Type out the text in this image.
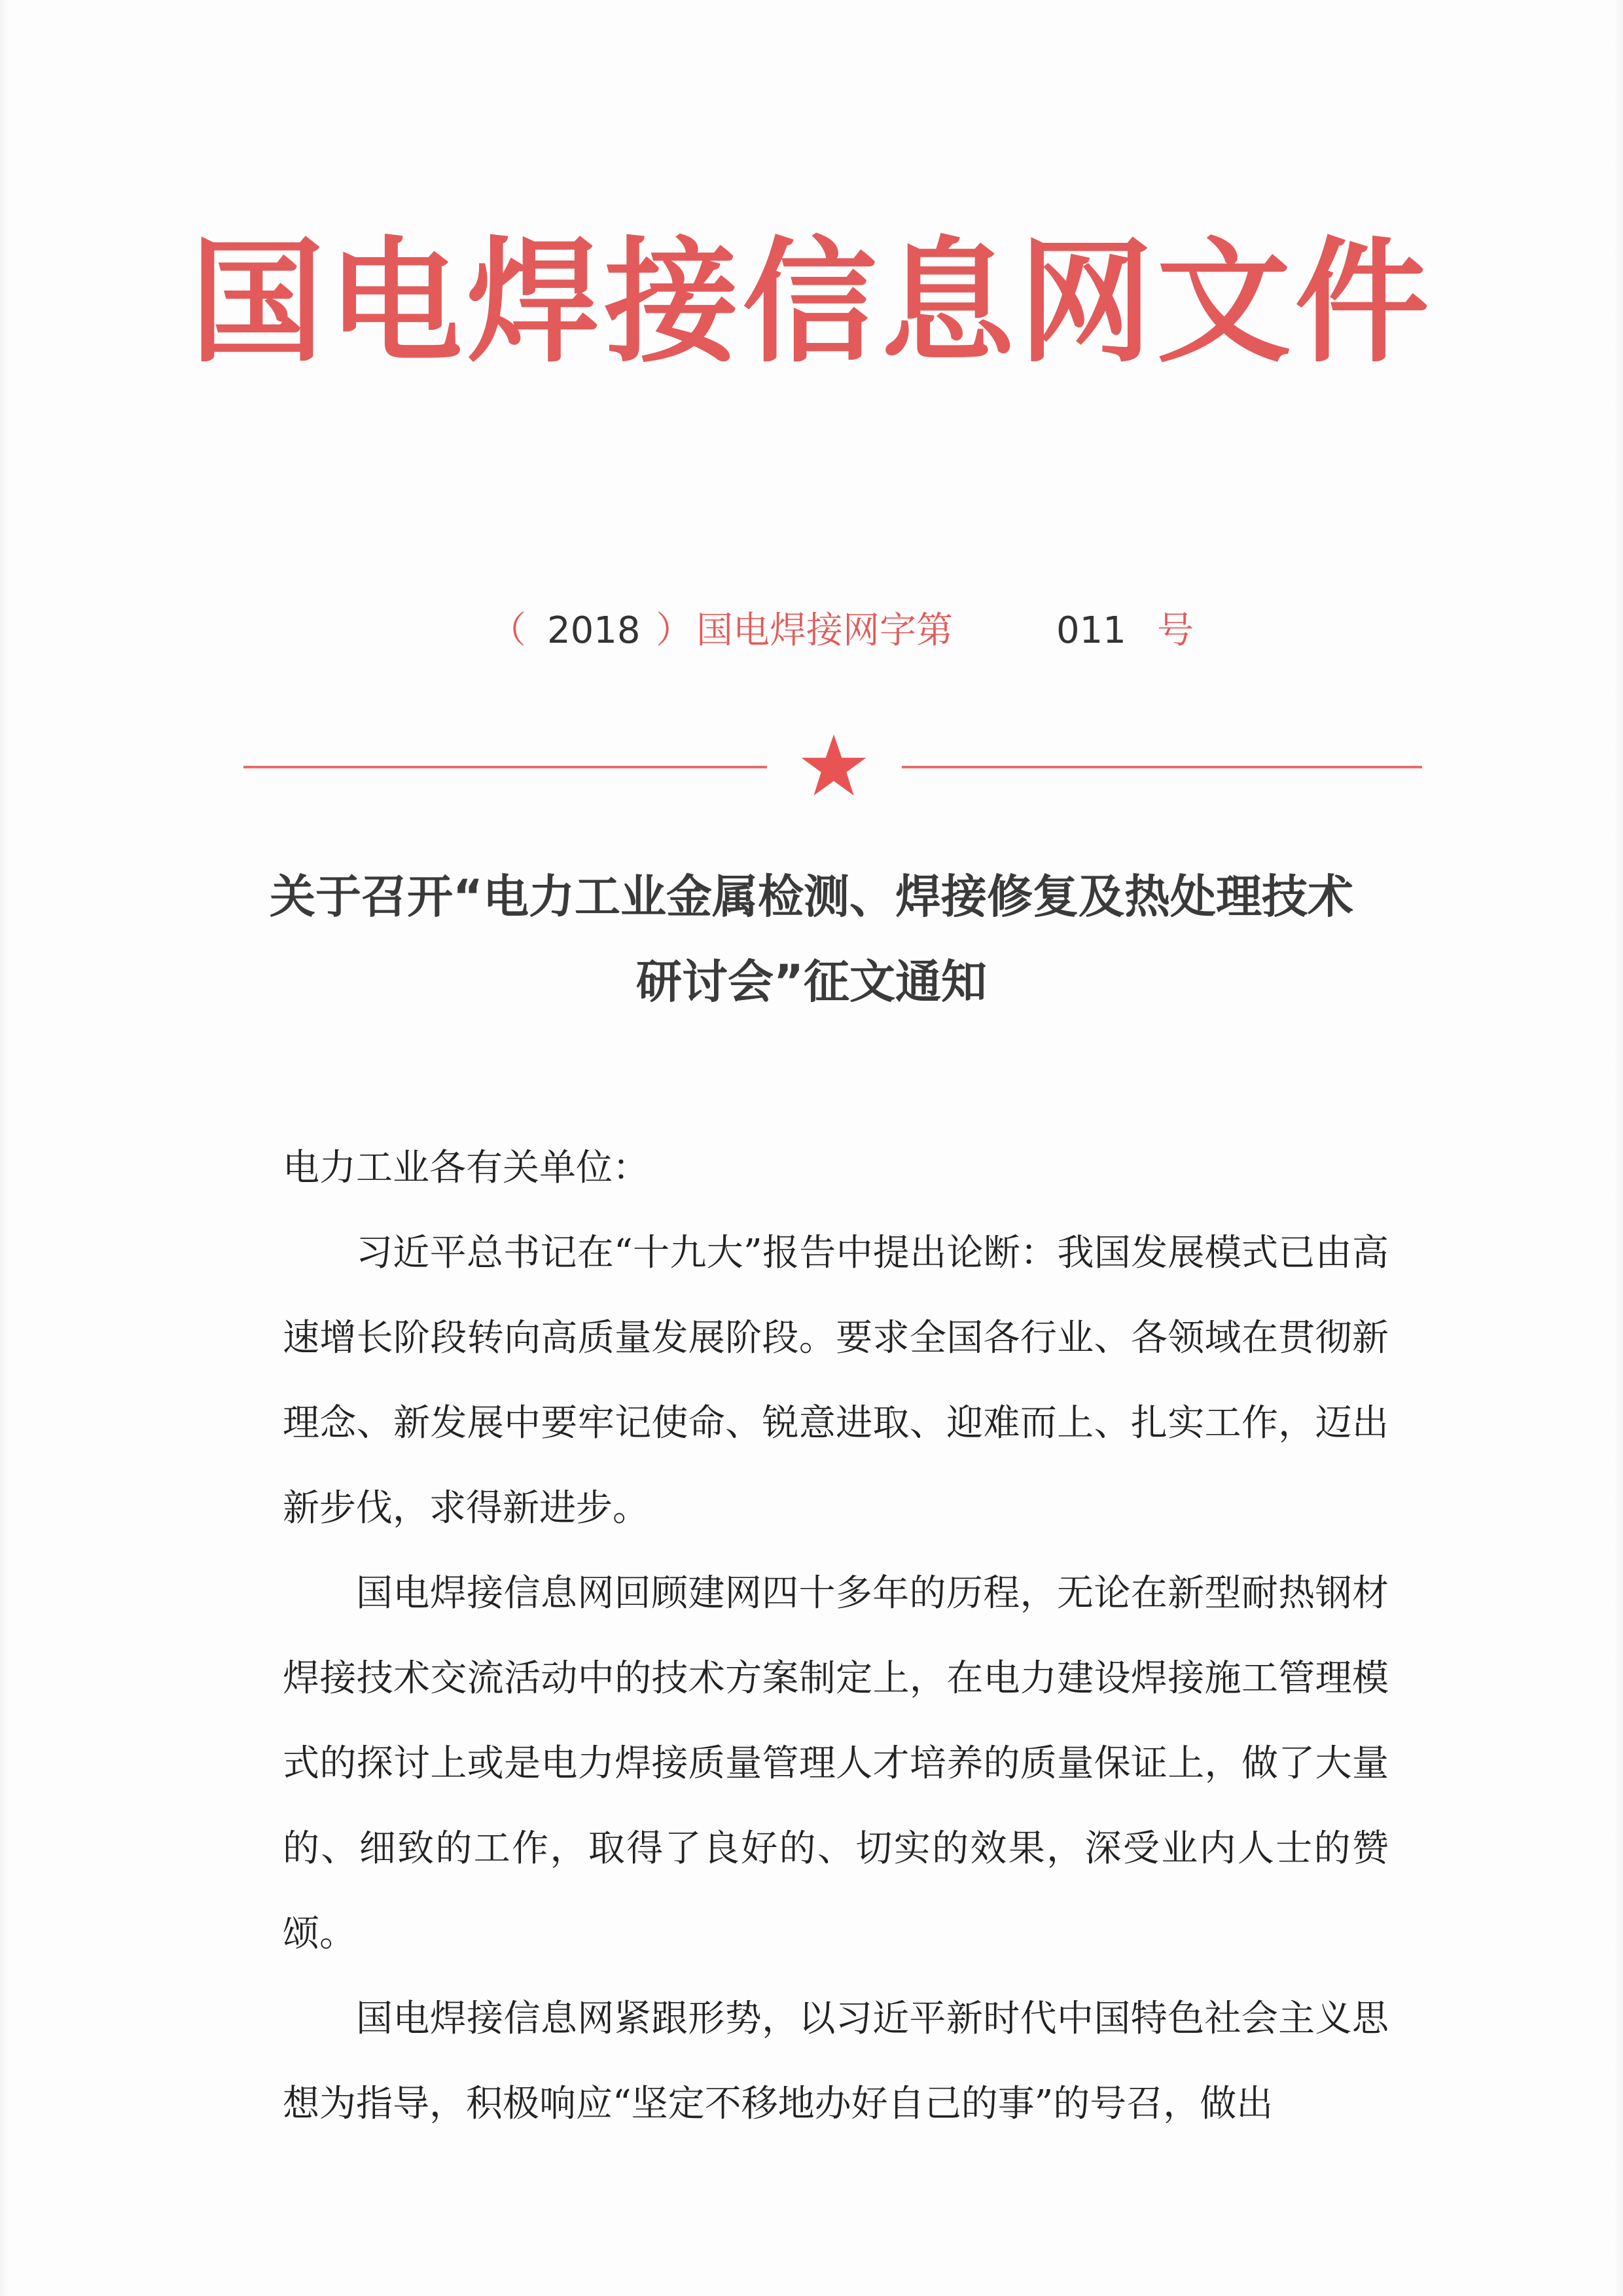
国电焊接信息网文件
（ 2018 ） 国电焊接网字第	011 号
关于召开“电力工业金属检测、焊接修复及热处理技术
研讨会”征文通知
电力工业各有关单位：
习近平总书记在“十九大”报告中提出论断：我国发展模式已由高速增长阶段转向高质量发展阶段。要求全国各行业、各领域在贯彻新理念、新发展中要牢记使命、锐意进取、迎难而上、扎实工作，迈出新步伐，求得新进步。
国电焊接信息网回顾建网四十多年的历程，无论在新型耐热钢材焊接技术交流活动中的技术方案制定上，在电力建设焊接施工管理模式的探讨上或是电力焊接质量管理人才培养的质量保证上，做了大量的、细致的工作，取得了良好的、切实的效果，深受业内人士的赞颂。
国电焊接信息网紧跟形势，以习近平新时代中国特色社会主义思想为指导，积极响应“坚定不移地办好自己的事”的号召，做出
